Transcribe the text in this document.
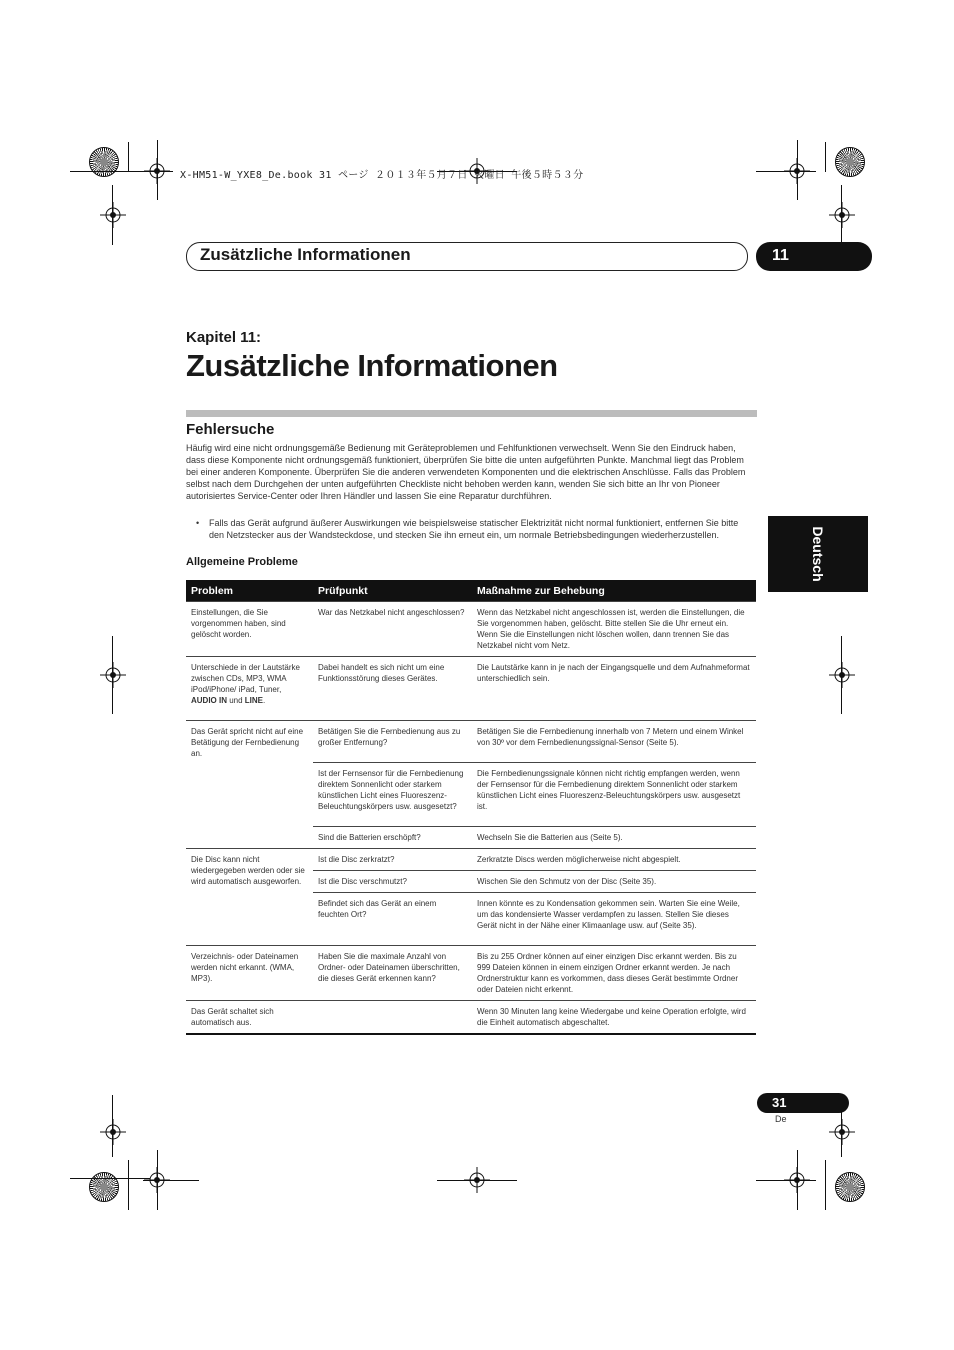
X-HM51-W_YXE8_De.book 31 ページ ２０１３年５月７日 火曜日 午後５時５３分
Zusätzliche Informationen	11
Kapitel 11:
Zusätzliche Informationen
Fehlersuche
Häufig wird eine nicht ordnungsgemäße Bedienung mit Geräteproblemen und Fehlfunktionen verwechselt. Wenn Sie den Eindruck haben, dass diese Komponente nicht ordnungsgemäß funktioniert, überprüfen Sie bitte die unten aufgeführten Punkte. Manchmal liegt das Problem bei einer anderen Komponente. Überprüfen Sie die anderen verwendeten Komponenten und die elektrischen Anschlüsse. Falls das Problem selbst nach dem Durchgehen der unten aufgeführten Checkliste nicht behoben werden kann, wenden Sie sich bitte an Ihr von Pioneer autorisiertes Service-Center oder Ihren Händler und lassen Sie eine Reparatur durchführen.
• Falls das Gerät aufgrund äußerer Auswirkungen wie beispielsweise statischer Elektrizität nicht normal funktioniert, entfernen Sie bitte den Netzstecker aus der Wandsteckdose, und stecken Sie ihn erneut ein, um normale Betriebsbedingungen wiederherzustellen.
Allgemeine Probleme	Deutsch
Problem	Prüfpunkt	Maßnahme zur Behebung
Einstellungen, die Sie vorgenommen haben, sind gelöscht worden.	War das Netzkabel nicht angeschlossen?	Wenn das Netzkabel nicht angeschlossen ist, werden die Einstellungen, die Sie vorgenommen haben, gelöscht. Bitte stellen Sie die Uhr erneut ein. Wenn Sie die Einstellungen nicht löschen wollen, dann trennen Sie das Netzkabel nicht vom Netz.
Unterschiede in der Lautstärke zwischen CDs, MP3, WMA iPod/iPhone/ iPad, Tuner, AUDIO IN und LINE.	Dabei handelt es sich nicht um eine Funktionsstörung dieses Gerätes.	Die Lautstärke kann in je nach der Eingangsquelle und dem Aufnahmeformat unterschiedlich sein.
Das Gerät spricht nicht auf eine Betätigung der Fernbedienung an.	Betätigen Sie die Fernbedienung aus zu großer Entfernung?	Betätigen Sie die Fernbedienung innerhalb von 7 Metern und einem Winkel von 30º vor dem Fernbedienungssignal-Sensor (Seite 5).
	Ist der Fernsensor für die Fernbedienung direktem Sonnenlicht oder starkem künstlichen Licht eines Fluoreszenz-Beleuchtungskörpers usw. ausgesetzt?	Die Fernbedienungssignale können nicht richtig empfangen werden, wenn der Fernsensor für die Fernbedienung direktem Sonnenlicht oder starkem künstlichen Licht eines Fluoreszenz-Beleuchtungskörpers usw. ausgesetzt ist.
	Sind die Batterien erschöpft?	Wechseln Sie die Batterien aus (Seite 5).
Die Disc kann nicht wiedergegeben werden oder sie wird automatisch ausgeworfen.	Ist die Disc zerkratzt?	Zerkratzte Discs werden möglicherweise nicht abgespielt.
	Ist die Disc verschmutzt?	Wischen Sie den Schmutz von der Disc (Seite 35).
	Befindet sich das Gerät an einem feuchten Ort?	Innen könnte es zu Kondensation gekommen sein. Warten Sie eine Weile, um das kondensierte Wasser verdampfen zu lassen. Stellen Sie dieses Gerät nicht in der Nähe einer Klimaanlage usw. auf (Seite 35).
Verzeichnis- oder Dateinamen werden nicht erkannt. (WMA, MP3).	Haben Sie die maximale Anzahl von Ordner- oder Dateinamen überschritten, die dieses Gerät erkennen kann?	Bis zu 255 Ordner können auf einer einzigen Disc erkannt werden. Bis zu 999 Dateien können in einem einzigen Ordner erkannt werden. Je nach Ordnerstruktur kann es vorkommen, dass dieses Gerät bestimmte Ordner oder Dateien nicht erkennt.
Das Gerät schaltet sich automatisch aus.		Wenn 30 Minuten lang keine Wiedergabe und keine Operation erfolgte, wird die Einheit automatisch abgeschaltet.
31
De
